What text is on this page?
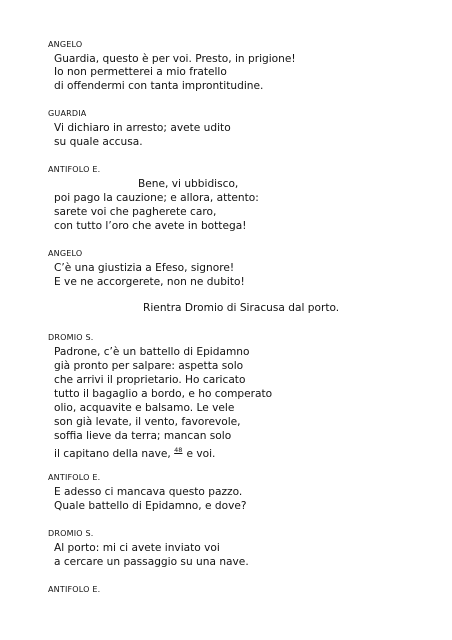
ANGELO
Guardia, questo è per voi. Presto, in prigione!
Io non permetterei a mio fratello
di offendermi con tanta improntitudine.
GUARDIA
Vi dichiaro in arresto; avete udito
su quale accusa.
ANTIFOLO E.
Bene, vi ubbidisco,
poi pago la cauzione; e allora, attento:
sarete voi che pagherete caro,
con tutto l’oro che avete in bottega!
ANGELO
C’è una giustizia a Efeso, signore!
E ve ne accorgerete, non ne dubito!
Rientra Dromio di Siracusa dal porto.
DROMIO S.
Padrone, c’è un battello di Epidamno
già pronto per salpare: aspetta solo
che arrivi il proprietario. Ho caricato
tutto il bagaglio a bordo, e ho comperato
olio, acquavite e balsamo. Le vele
son già levate, il vento, favorevole,
soffia lieve da terra; mancan solo
il capitano della nave, $^{48}$ e voi.
ANTIFOLO E.
E adesso ci mancava questo pazzo.
Quale battello di Epidamno, e dove?
DROMIO S.
Al porto: mi ci avete inviato voi
a cercare un passaggio su una nave.
ANTIFOLO E.
